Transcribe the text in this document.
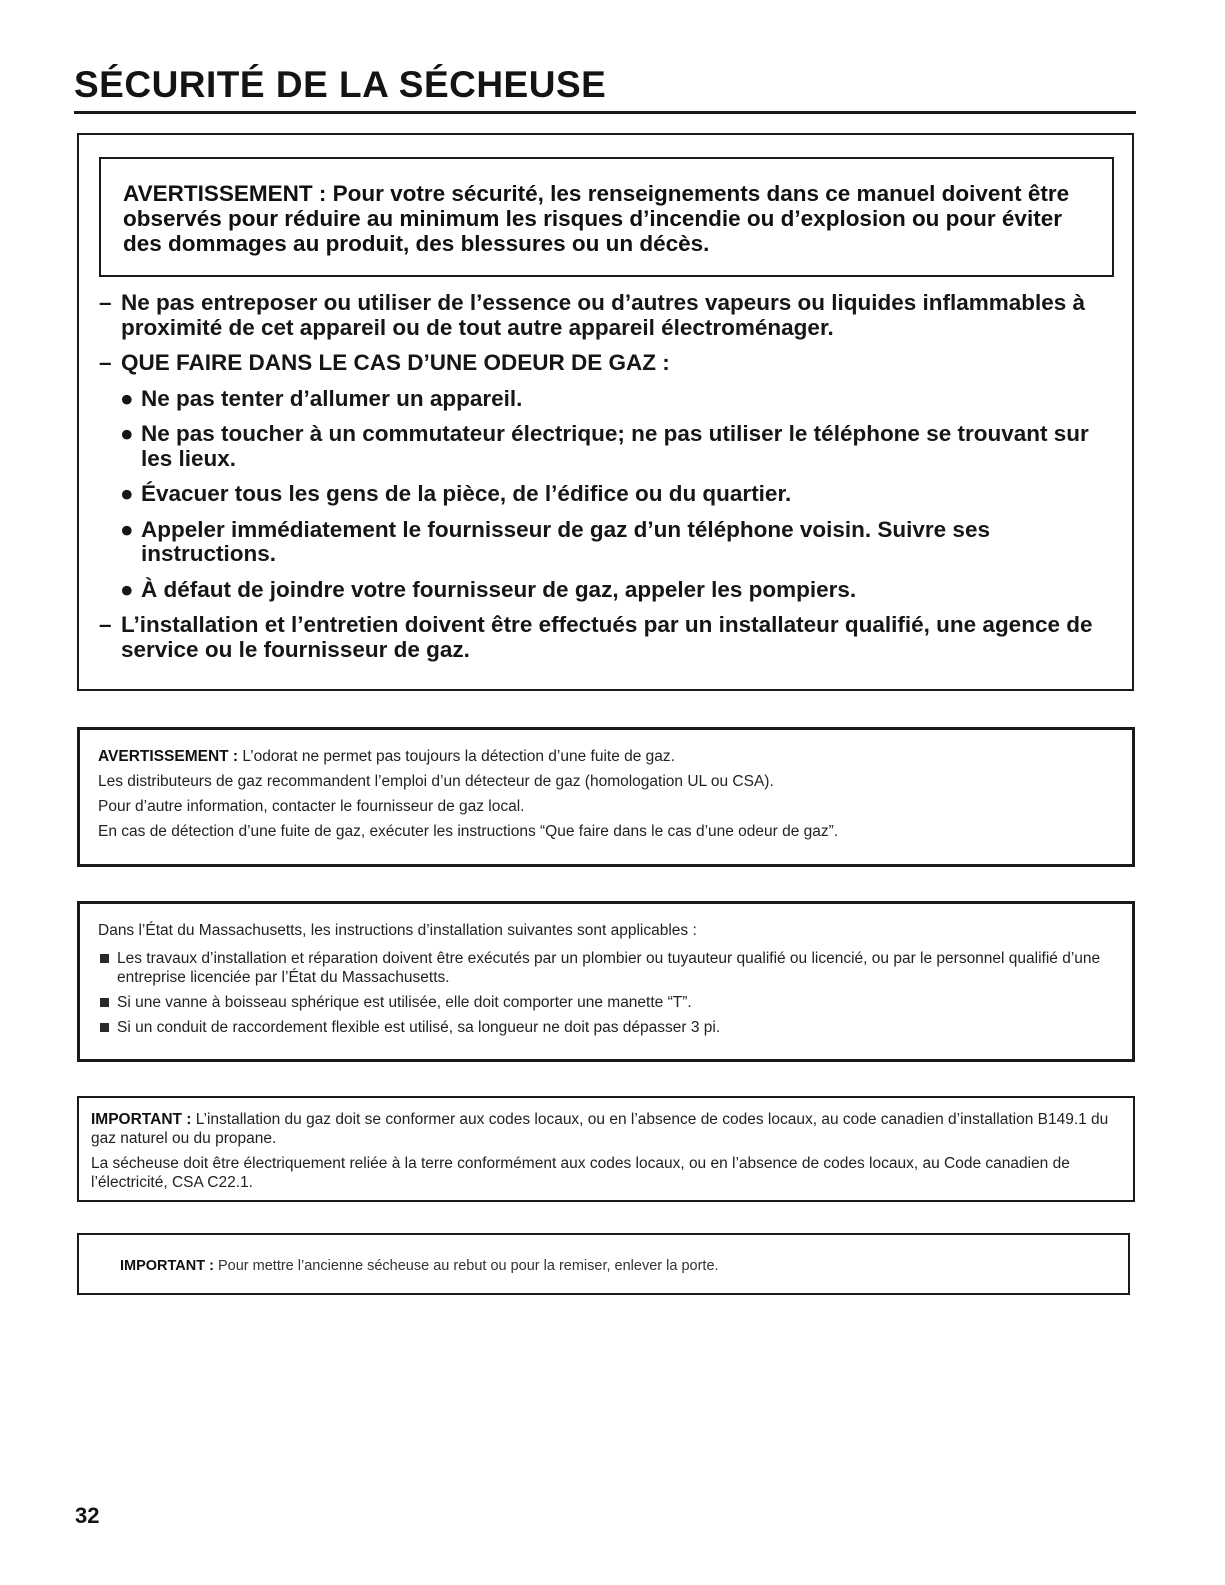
SÉCURITÉ DE LA SÉCHEUSE
AVERTISSEMENT : Pour votre sécurité, les renseignements dans ce manuel doivent être observés pour réduire au minimum les risques d’incendie ou d’explosion ou pour éviter des dommages au produit, des blessures ou un décès.
– Ne pas entreposer ou utiliser de l’essence ou d’autres vapeurs ou liquides inflammables à proximité de cet appareil ou de tout autre appareil électroménager.
– QUE FAIRE DANS LE CAS D’UNE ODEUR DE GAZ :
● Ne pas tenter d’allumer un appareil.
● Ne pas toucher à un commutateur électrique; ne pas utiliser le téléphone se trouvant sur les lieux.
● Évacuer tous les gens de la pièce, de l’édifice ou du quartier.
● Appeler immédiatement le fournisseur de gaz d’un téléphone voisin. Suivre ses instructions.
● À défaut de joindre votre fournisseur de gaz, appeler les pompiers.
– L’installation et l’entretien doivent être effectués par un installateur qualifié, une agence de service ou le fournisseur de gaz.

AVERTISSEMENT : L’odorat ne permet pas toujours la détection d’une fuite de gaz.

Les distributeurs de gaz recommandent l’emploi d’un détecteur de gaz (homologation UL ou CSA).

Pour d’autre information, contacter le fournisseur de gaz local.

En cas de détection d’une fuite de gaz, exécuter les instructions “Que faire dans le cas d’une odeur de gaz”.

Dans l’État du Massachusetts, les instructions d’installation suivantes sont applicables :

Les travaux d’installation et réparation doivent être exécutés par un plombier ou tuyauteur qualifié ou licencié, ou par le personnel qualifié d’une entreprise licenciée par l’État du Massachusetts.
Si une vanne à boisseau sphérique est utilisée, elle doit comporter une manette “T”.
Si un conduit de raccordement flexible est utilisé, sa longueur ne doit pas dépasser 3 pi.

IMPORTANT : L’installation du gaz doit se conformer aux codes locaux, ou en l’absence de codes locaux, au code canadien d’installation B149.1 du gaz naturel ou du propane.

La sécheuse doit être électriquement reliée à la terre conformément aux codes locaux, ou en l’absence de codes locaux, au Code canadien de l’électricité, CSA C22.1.

IMPORTANT : Pour mettre l’ancienne sécheuse au rebut ou pour la remiser, enlever la porte.
32
